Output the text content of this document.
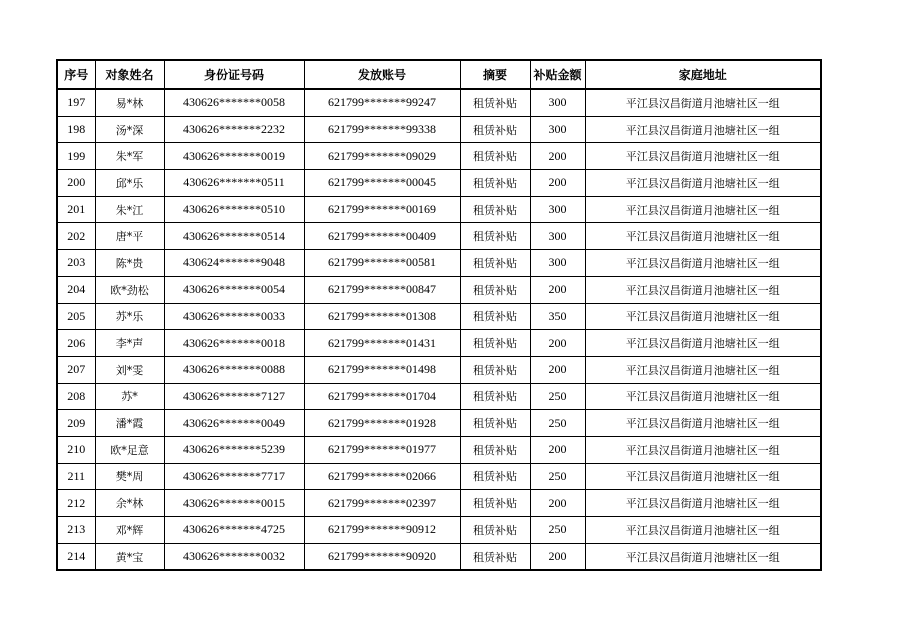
序号	对象姓名	身份证号码	发放账号	摘要	补贴金额	家庭地址
197	易*林	430626*******0058	621799*******99247	租赁补贴	300	平江县汉昌街道月池塘社区一组
198	汤*深	430626*******2232	621799*******99338	租赁补贴	300	平江县汉昌街道月池塘社区一组
199	朱*军	430626*******0019	621799*******09029	租赁补贴	200	平江县汉昌街道月池塘社区一组
200	邱*乐	430626*******0511	621799*******00045	租赁补贴	200	平江县汉昌街道月池塘社区一组
201	朱*江	430626*******0510	621799*******00169	租赁补贴	300	平江县汉昌街道月池塘社区一组
202	唐*平	430626*******0514	621799*******00409	租赁补贴	300	平江县汉昌街道月池塘社区一组
203	陈*贵	430624*******9048	621799*******00581	租赁补贴	300	平江县汉昌街道月池塘社区一组
204	欧*劲松	430626*******0054	621799*******00847	租赁补贴	200	平江县汉昌街道月池塘社区一组
205	苏*乐	430626*******0033	621799*******01308	租赁补贴	350	平江县汉昌街道月池塘社区一组
206	李*声	430626*******0018	621799*******01431	租赁补贴	200	平江县汉昌街道月池塘社区一组
207	刘*雯	430626*******0088	621799*******01498	租赁补贴	200	平江县汉昌街道月池塘社区一组
208	苏*	430626*******7127	621799*******01704	租赁补贴	250	平江县汉昌街道月池塘社区一组
209	潘*霞	430626*******0049	621799*******01928	租赁补贴	250	平江县汉昌街道月池塘社区一组
210	欧*足意	430626*******5239	621799*******01977	租赁补贴	200	平江县汉昌街道月池塘社区一组
211	樊*周	430626*******7717	621799*******02066	租赁补贴	250	平江县汉昌街道月池塘社区一组
212	余*林	430626*******0015	621799*******02397	租赁补贴	200	平江县汉昌街道月池塘社区一组
213	邓*辉	430626*******4725	621799*******90912	租赁补贴	250	平江县汉昌街道月池塘社区一组
214	黄*宝	430626*******0032	621799*******90920	租赁补贴	200	平江县汉昌街道月池塘社区一组
